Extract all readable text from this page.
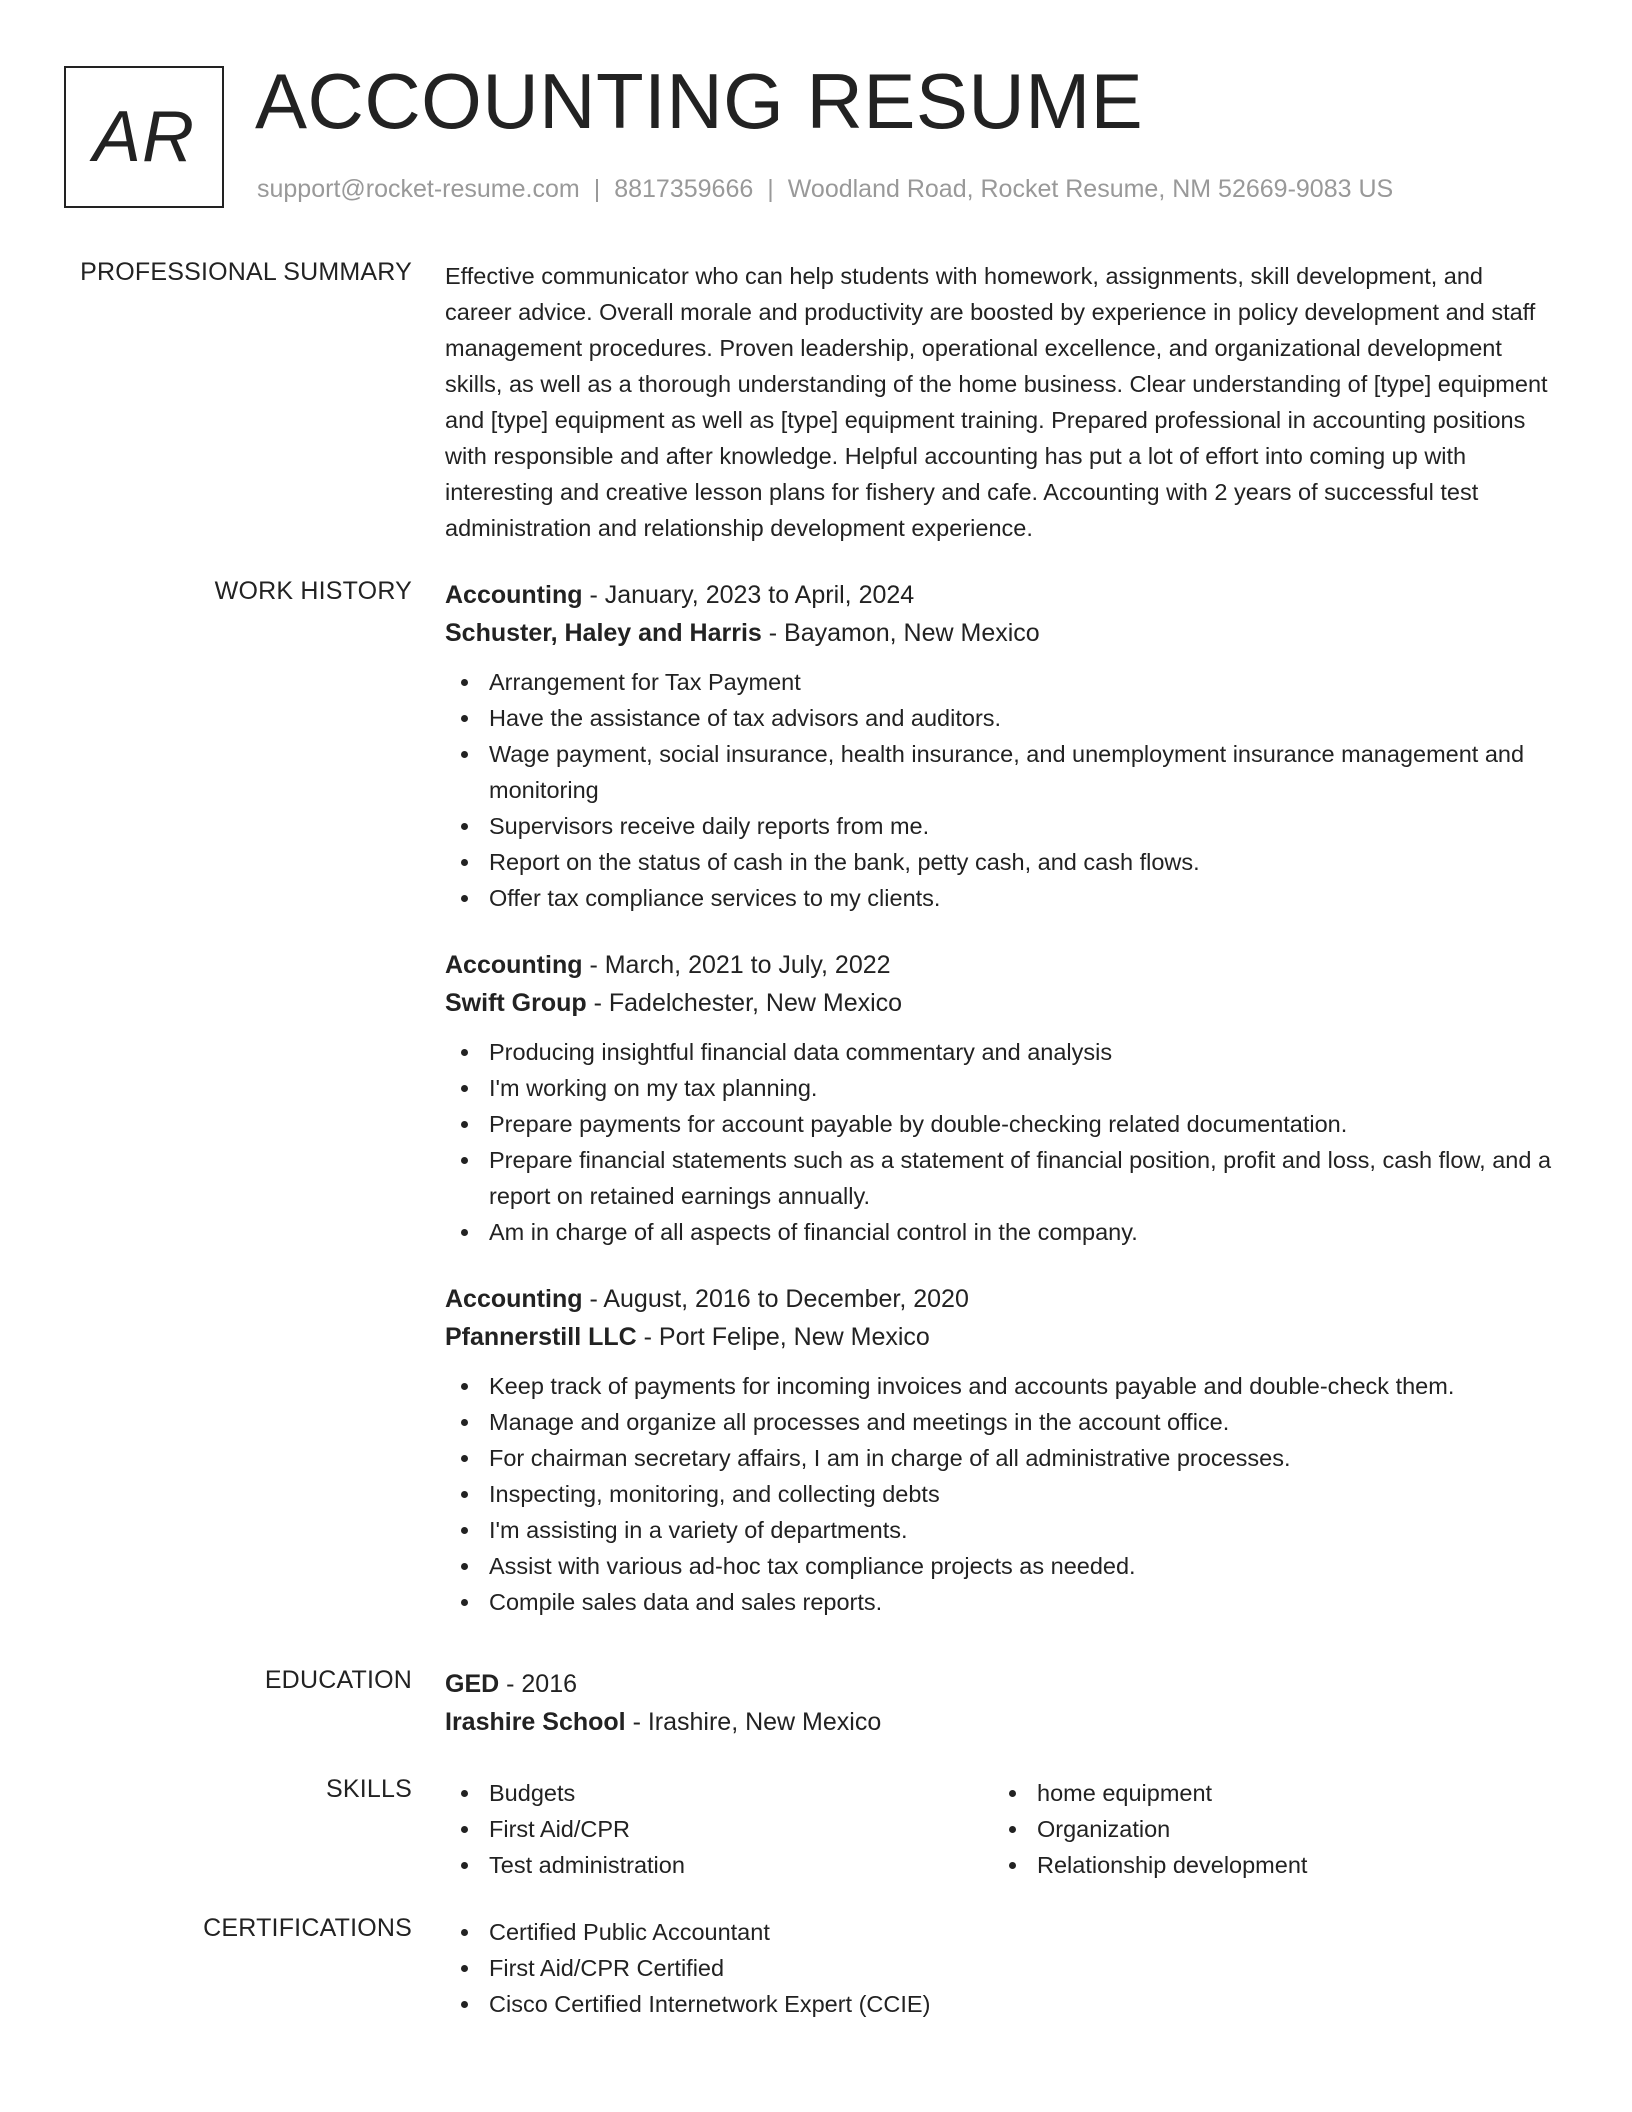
AR ACCOUNTING RESUME
support@rocket-resume.com | 8817359666 | Woodland Road, Rocket Resume, NM 52669-9083 US
PROFESSIONAL SUMMARY Effective communicator who can help students with homework, assignments, skill development, and career advice. Overall morale and productivity are boosted by experience in policy development and staff management procedures. Proven leadership, operational excellence, and organizational development skills, as well as a thorough understanding of the home business. Clear understanding of [type] equipment and [type] equipment as well as [type] equipment training. Prepared professional in accounting positions with responsible and after knowledge. Helpful accounting has put a lot of effort into coming up with interesting and creative lesson plans for fishery and cafe. Accounting with 2 years of successful test administration and relationship development experience.

WORK HISTORY Accounting - January, 2023 to April, 2024
Schuster, Haley and Harris - Bayamon, New Mexico
Arrangement for Tax Payment
Have the assistance of tax advisors and auditors.
Wage payment, social insurance, health insurance, and unemployment insurance management and monitoring
Supervisors receive daily reports from me.
Report on the status of cash in the bank, petty cash, and cash flows.
Offer tax compliance services to my clients.
Accounting - March, 2021 to July, 2022
Swift Group - Fadelchester, New Mexico
Producing insightful financial data commentary and analysis
I'm working on my tax planning.
Prepare payments for account payable by double-checking related documentation.
Prepare financial statements such as a statement of financial position, profit and loss, cash flow, and a report on retained earnings annually.
Am in charge of all aspects of financial control in the company.
Accounting - August, 2016 to December, 2020
Pfannerstill LLC - Port Felipe, New Mexico
Keep track of payments for incoming invoices and accounts payable and double-check them.
Manage and organize all processes and meetings in the account office.
For chairman secretary affairs, I am in charge of all administrative processes.
Inspecting, monitoring, and collecting debts
I'm assisting in a variety of departments.
Assist with various ad-hoc tax compliance projects as needed.
Compile sales data and sales reports.
EDUCATION GED - 2016
Irashire School - Irashire, New Mexico
SKILLS	Budgets
First Aid/CPR
Test administration
home equipment
Organization
Relationship development
CERTIFICATIONS	Certified Public Accountant
First Aid/CPR Certified
Cisco Certified Internetwork Expert (CCIE)
